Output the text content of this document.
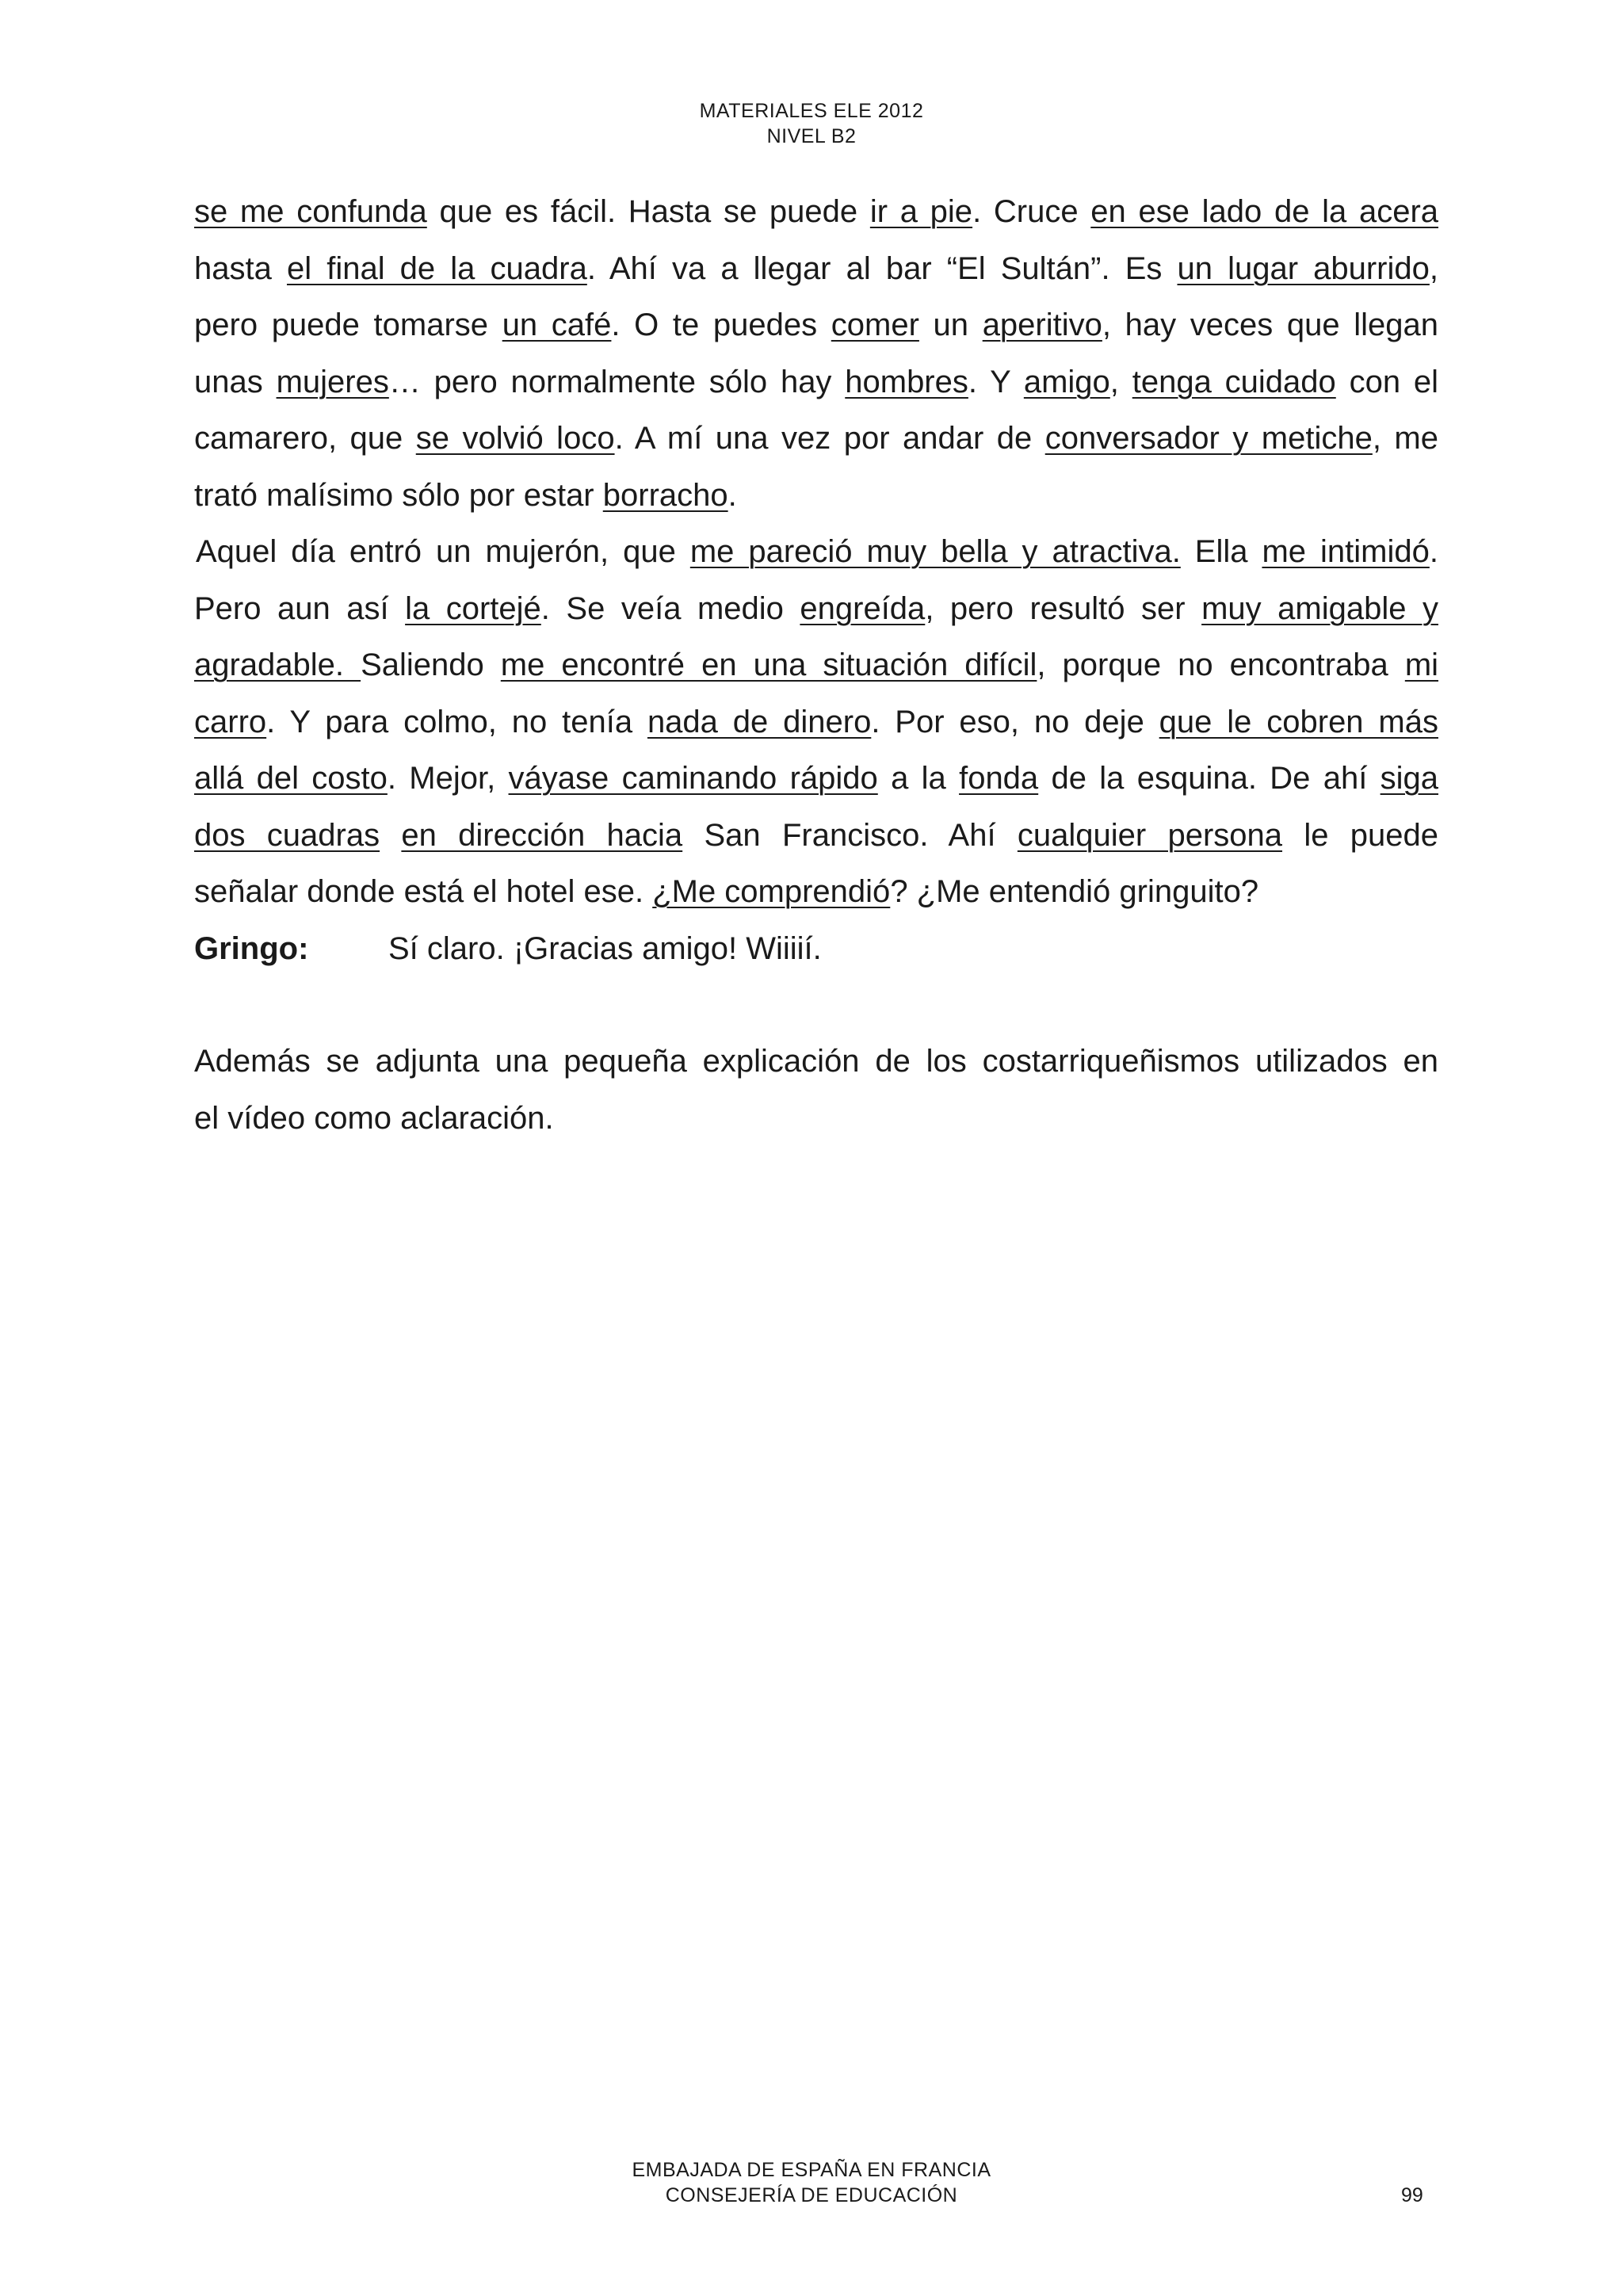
MATERIALES ELE 2012
NIVEL B2
se me confunda que es fácil. Hasta se puede ir a pie. Cruce en ese lado de la acera
hasta el final de la cuadra. Ahí va a llegar al bar “El Sultán”. Es un lugar aburrido,
pero puede tomarse un café. O te puedes comer un aperitivo, hay veces que llegan
unas mujeres… pero normalmente sólo hay hombres. Y amigo, tenga cuidado con el
camarero, que se volvió loco. A mí una vez por andar de conversador y metiche, me
trató malísimo sólo por estar borracho.
Aquel día entró un mujerón, que me pareció muy bella y atractiva. Ella me intimidó.
Pero aun así la cortejé. Se veía medio engreída, pero resultó ser muy amigable y
agradable. Saliendo me encontré en una situación difícil, porque no encontraba mi
carro. Y para colmo, no tenía nada de dinero. Por eso, no deje que le cobren más
allá del costo. Mejor, váyase caminando rápido a la fonda de la esquina. De ahí siga
dos cuadras en dirección hacia San Francisco. Ahí cualquier persona le puede
señalar donde está el hotel ese. ¿Me comprendió? ¿Me entendió gringuito?
Gringo:	Sí claro. ¡Gracias amigo! Wiiiií.
Además se adjunta una pequeña explicación de los costarriqueñismos utilizados en
el vídeo como aclaración.
EMBAJADA DE ESPAÑA EN FRANCIA
CONSEJERÍA DE EDUCACIÓN	99
